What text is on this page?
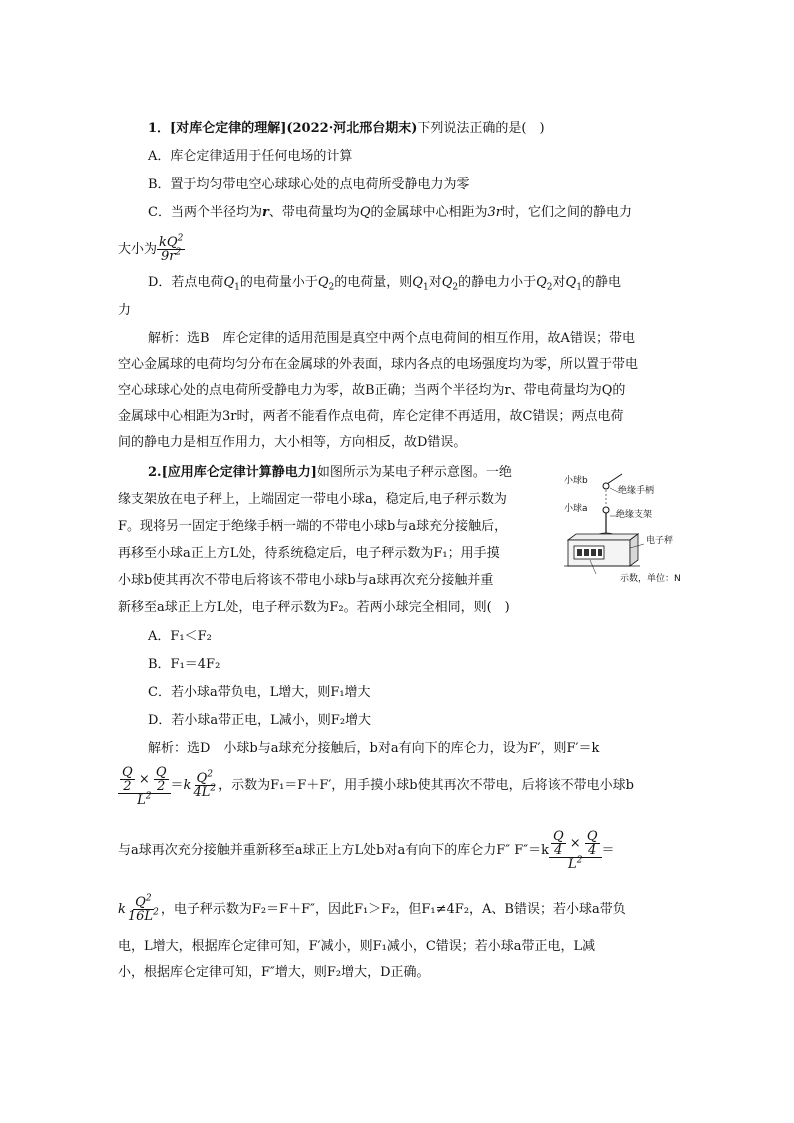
1．[对库仑定律的理解](2022·河北邢台期末)下列说法正确的是(　)
A．库仑定律适用于任何电场的计算
B．置于均匀带电空心球球心处的点电荷所受静电力为零
C．当两个半径均为r、带电荷量均为Q的金属球中心相距为3r时，它们之间的静电力
大小为 $\frac{kQ^2}{9r^2}$
D．若点电荷$Q_1$的电荷量小于$Q_2$的电荷量，则$Q_1$对$Q_2$的静电力小于$Q_2$对$Q_1$的静电
力
解析：选B　库仑定律的适用范围是真空中两个点电荷间的相互作用，故A错误；带电
空心金属球的电荷均匀分布在金属球的外表面，球内各点的电场强度均为零，所以置于带电
空心球球心处的点电荷所受静电力为零，故B正确；当两个半径均为r、带电荷量均为Q的
金属球中心相距为3r时，两者不能看作点电荷，库仑定律不再适用，故C错误；两点电荷
间的静电力是相互作用力，大小相等，方向相反，故D错误。
2.[应用库仑定律计算静电力]如图所示为某电子秤示意图。一绝
缘支架放在电子秤上，上端固定一带电小球a，稳定后,电子秤示数为
F。现将另一固定于绝缘手柄一端的不带电小球b与a球充分接触后，
再移至小球a正上方L处，待系统稳定后，电子秤示数为F₁；用手摸
小球b使其再次不带电后将该不带电小球b与a球再次充分接触并重
新移至a球正上方L处，电子秤示数为F₂。若两小球完全相同，则(　)
小球b
绝缘手柄
小球a
绝缘支架
电子秤
示数，单位：N
A．F₁＜F₂
B．F₁＝4F₂
C．若小球a带负电，L增大，则F₁增大
D．若小球a带正电，L减小，则F₂增大
解析：选D　小球b与a球充分接触后，b对a有向下的库仑力，设为F′，则F′＝k
$\frac{\frac{Q}{2} \times \frac{Q}{2}}{L^2} =k \frac{Q^2}{4L^2}$ ，示数为F₁＝F＋F′，用手摸小球b使其再次不带电，后将该不带电小球b
与a球再次充分接触并重新移至a球正上方L处b对a有向下的库仑力F″ $F''=k \frac{\frac{Q}{4} \times \frac{Q}{4}}{L^2}$ ＝
k $\frac{Q^2}{16L^2}$ ，电子秤示数为F₂＝F＋F″，因此F₁＞F₂，但F₁≠4F₂，A、B错误；若小球a带负
电，L增大，根据库仑定律可知，F′减小，则F₁减小，C错误；若小球a带正电，L减
小，根据库仑定律可知，F″增大，则F₂增大，D正确。
